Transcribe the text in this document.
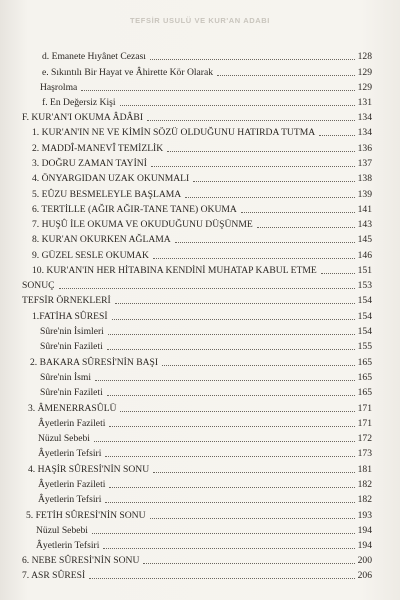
TEFSİR USULÜ VE KUR'AN ADABI
d. Emanete Hıyânet Cezası	128
e. Sıkıntılı Bir Hayat ve Âhirette Kör Olarak	129
Haşrolma	129
f. En Değersiz Kişi	131
F. KUR'AN'I OKUMA ÂDÂBI	134
1. KUR'AN'IN NE VE KİMİN SÖZÜ OLDUĞUNU HATIRDA TUTMA	134
2. MADDÎ-MANEVÎ TEMİZLİK	136
3. DOĞRU ZAMAN TAYİNİ	137
4. ÖNYARGIDAN UZAK OKUNMALI	138
5. EÛZU BESMELEYLE BAŞLAMA	139
6. TERTİLLE (AĞIR AĞIR-TANE TANE) OKUMA	141
7. HUŞÛ İLE OKUMA VE OKUDUĞUNU DÜŞÜNME	143
8. KUR'AN OKURKEN AĞLAMA	145
9. GÜZEL SESLE OKUMAK	146
10. KUR'AN'IN HER HİTABINA KENDİNİ MUHATAP KABUL ETME	151
SONUÇ	153
TEFSİR ÖRNEKLERİ	154
1.FATİHA SÛRESİ	154
Sûre'nin İsimleri	154
Sûre'nin Fazileti	155
2. BAKARA SÛRESİ'NİN BAŞI	165
Sûre'nin İsmi	165
Sûre'nin Fazileti	165
3. ÂMENERRASÛLÜ	171
Âyetlerin Fazileti	171
Nüzul Sebebi	172
Âyetlerin Tefsiri	173
4. HAŞİR SÛRESİ'NİN SONU	181
Âyetlerin Fazileti	182
Âyetlerin Tefsiri	182
5. FETİH SÛRESİ'NİN SONU	193
Nüzul Sebebi	194
Âyetlerin Tefsiri	194
6. NEBE SÛRESİ'NİN SONU	200
7. ASR SÛRESİ	206
